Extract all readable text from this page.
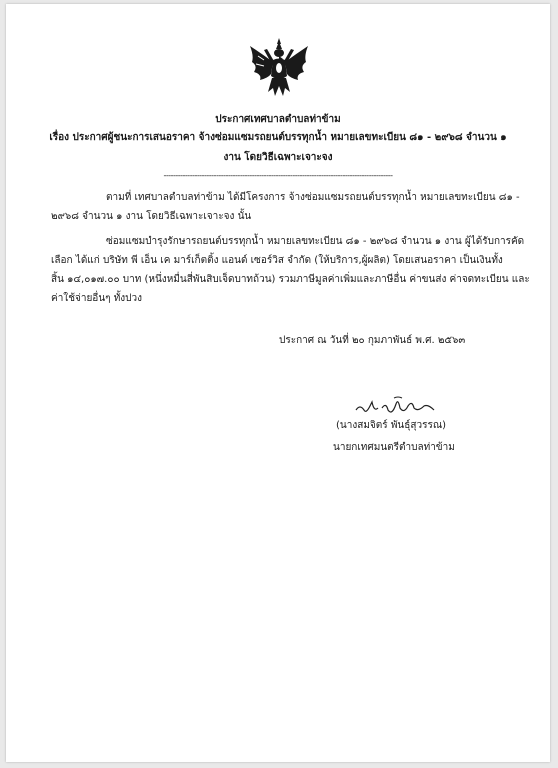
ประกาศเทศบาลตำบลท่าข้าม
เรื่อง ประกาศผู้ชนะการเสนอราคา จ้างซ่อมแซมรถยนต์บรรทุกน้ำ หมายเลขทะเบียน ๘๑ - ๒๙๖๘ จำนวน ๑
งาน โดยวิธีเฉพาะเจาะจง
------------------------------------------------------------------------------------------------
ตามที่ เทศบาลตำบลท่าข้าม ได้มีโครงการ จ้างซ่อมแซมรถยนต์บรรทุกน้ำ หมายเลขทะเบียน ๘๑ -
๒๙๖๘ จำนวน ๑ งาน โดยวิธีเฉพาะเจาะจง นั้น
ซ่อมแซมบำรุงรักษารถยนต์บรรทุกน้ำ หมายเลขทะเบียน ๘๑ - ๒๙๖๘ จำนวน ๑ งาน ผู้ได้รับการคัด
เลือก ได้แก่ บริษัท พี เอ็น เค มาร์เก็ตติ้ง แอนด์ เซอร์วิส จำกัด (ให้บริการ,ผู้ผลิต) โดยเสนอราคา เป็นเงินทั้ง
สิ้น ๑๔,๐๑๗.๐๐ บาท (หนึ่งหมื่นสี่พันสิบเจ็ดบาทถ้วน) รวมภาษีมูลค่าเพิ่มและภาษีอื่น ค่าขนส่ง ค่าจดทะเบียน และ
ค่าใช้จ่ายอื่นๆ ทั้งปวง
ประกาศ ณ วันที่ ๒๐ กุมภาพันธ์ พ.ศ. ๒๕๖๓
(นางสมจิตร์ พันธุ์สุวรรณ)
นายกเทศมนตรีตำบลท่าข้าม
